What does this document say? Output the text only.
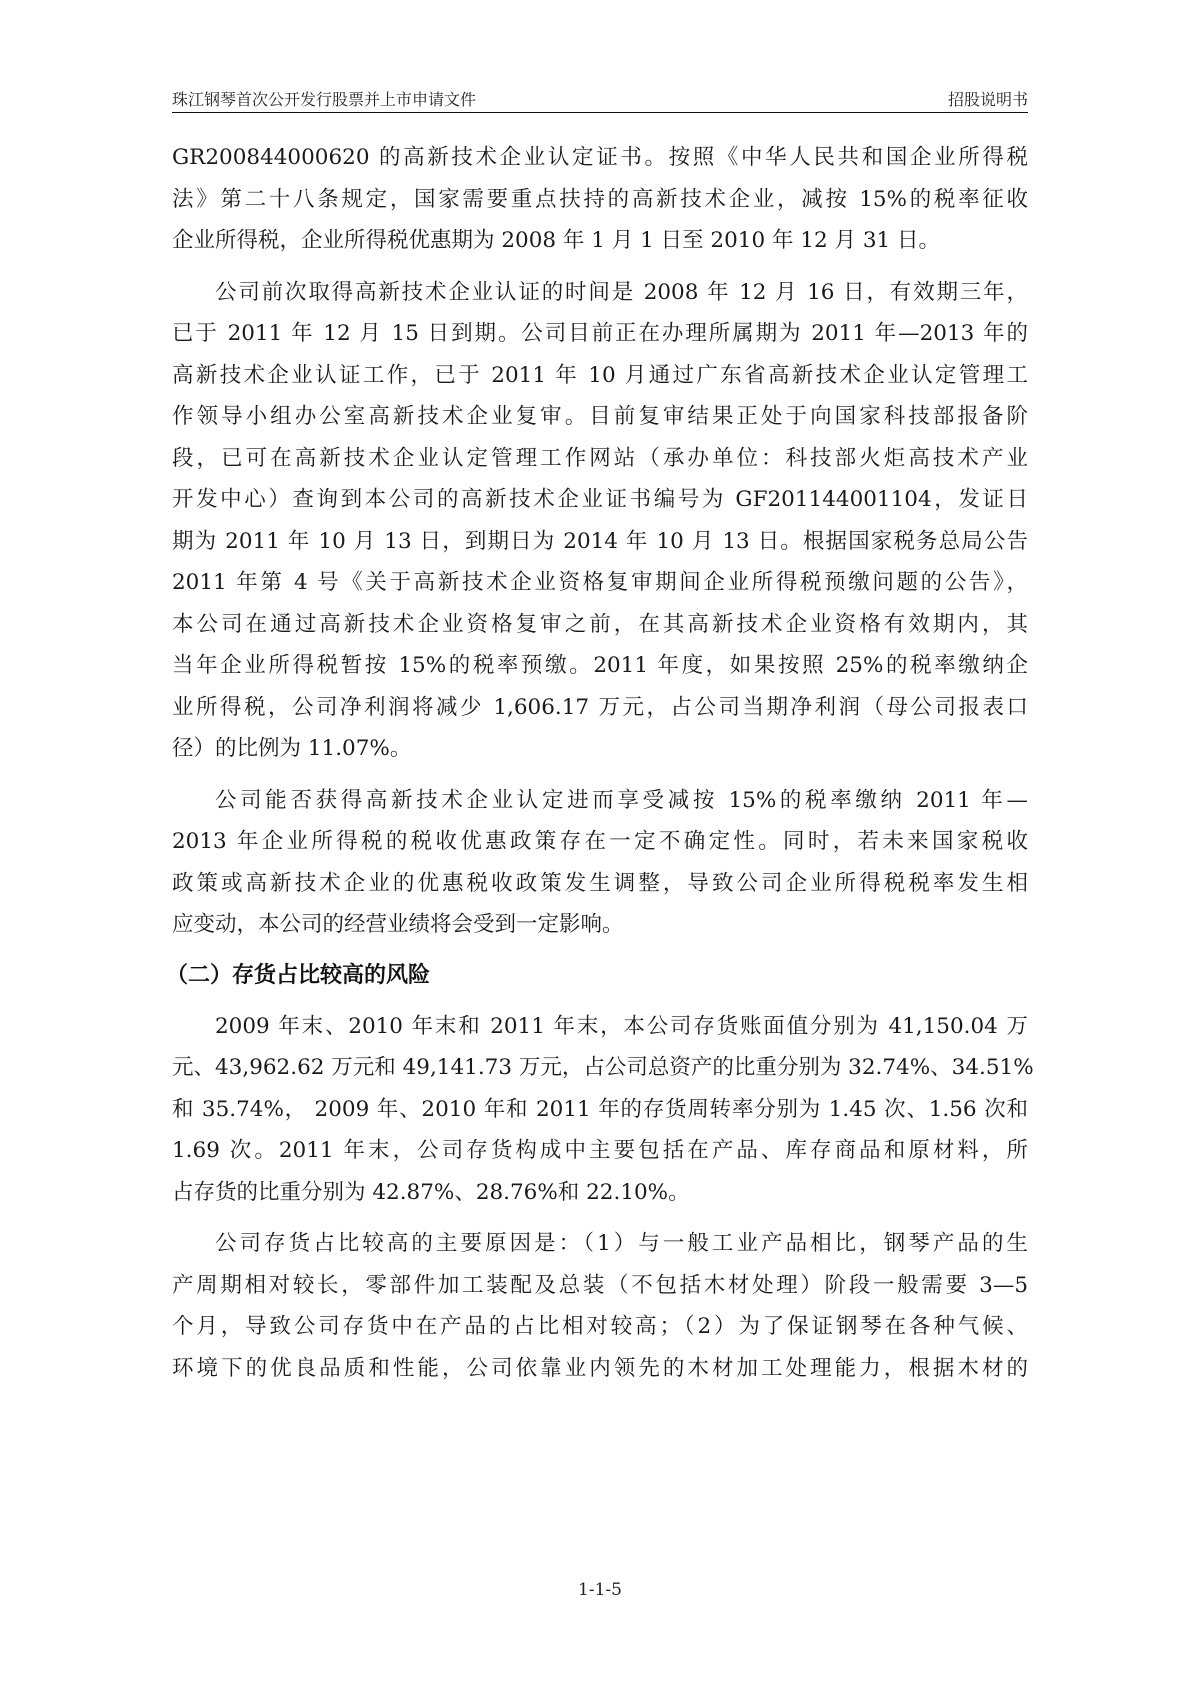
珠江钢琴首次公开发行股票并上市申请文件	招股说明书
GR200844000620 的高新技术企业认定证书。按照《中华人民共和国企业所得税
法》第二十八条规定，国家需要重点扶持的高新技术企业，减按 15%的税率征收
企业所得税，企业所得税优惠期为 2008 年 1 月 1 日至 2010 年 12 月 31 日。
公司前次取得高新技术企业认证的时间是 2008 年 12 月 16 日，有效期三年，
已于 2011 年 12 月 15 日到期。公司目前正在办理所属期为 2011 年—2013 年的
高新技术企业认证工作，已于 2011 年 10 月通过广东省高新技术企业认定管理工
作领导小组办公室高新技术企业复审。目前复审结果正处于向国家科技部报备阶
段，已可在高新技术企业认定管理工作网站（承办单位：科技部火炬高技术产业
开发中心）查询到本公司的高新技术企业证书编号为 GF201144001104，发证日
期为 2011 年 10 月 13 日，到期日为 2014 年 10 月 13 日。根据国家税务总局公告
2011 年第 4 号《关于高新技术企业资格复审期间企业所得税预缴问题的公告》，
本公司在通过高新技术企业资格复审之前，在其高新技术企业资格有效期内，其
当年企业所得税暂按 15%的税率预缴。2011 年度，如果按照 25%的税率缴纳企
业所得税，公司净利润将减少 1,606.17 万元，占公司当期净利润（母公司报表口
径）的比例为 11.07%。
公司能否获得高新技术企业认定进而享受减按 15%的税率缴纳 2011 年—
2013 年企业所得税的税收优惠政策存在一定不确定性。同时，若未来国家税收
政策或高新技术企业的优惠税收政策发生调整，导致公司企业所得税税率发生相
应变动，本公司的经营业绩将会受到一定影响。
（二）存货占比较高的风险
2009 年末、2010 年末和 2011 年末，本公司存货账面值分别为 41,150.04 万
元、43,962.62 万元和 49,141.73 万元，占公司总资产的比重分别为 32.74%、34.51%
和 35.74%， 2009 年、2010 年和 2011 年的存货周转率分别为 1.45 次、1.56 次和
1.69 次。2011 年末，公司存货构成中主要包括在产品、库存商品和原材料，所
占存货的比重分别为 42.87%、28.76%和 22.10%。
公司存货占比较高的主要原因是：（1）与一般工业产品相比，钢琴产品的生
产周期相对较长，零部件加工装配及总装（不包括木材处理）阶段一般需要 3—5
个月，导致公司存货中在产品的占比相对较高；（2）为了保证钢琴在各种气候、
环境下的优良品质和性能，公司依靠业内领先的木材加工处理能力，根据木材的
1-1-5
